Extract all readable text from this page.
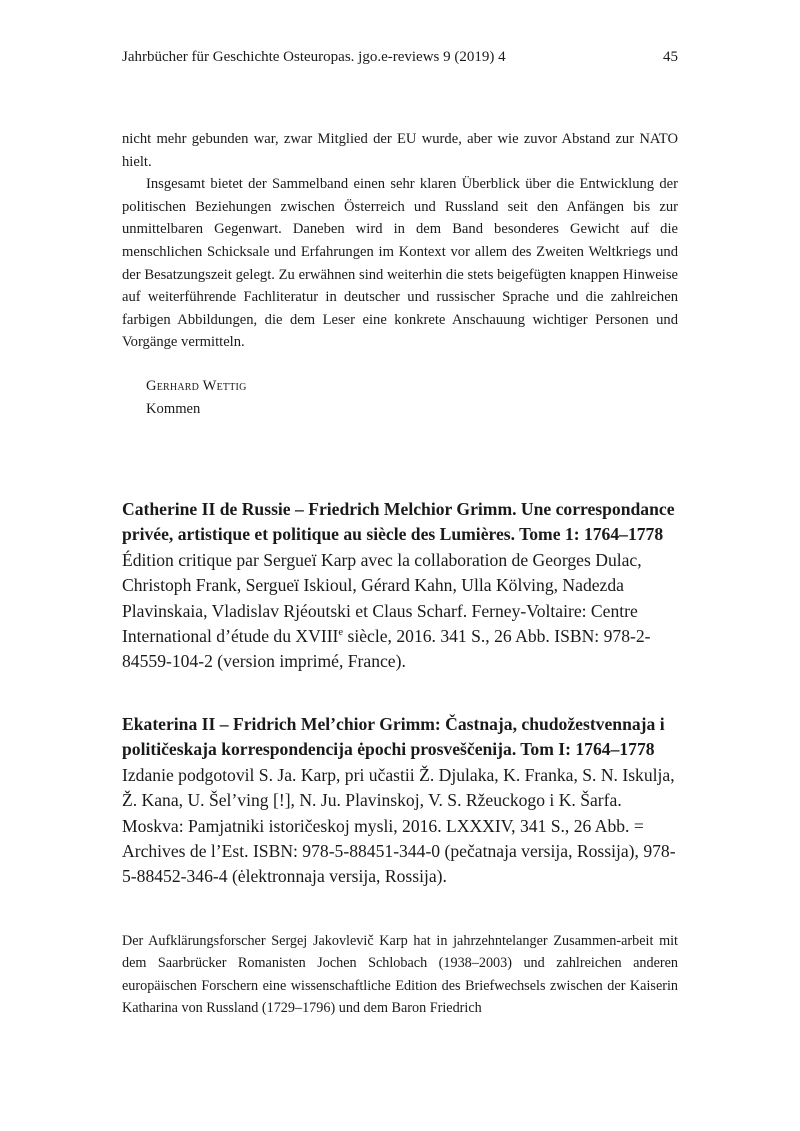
Jahrbücher für Geschichte Osteuropas. jgo.e-reviews 9 (2019) 4	45

nicht mehr gebunden war, zwar Mitglied der EU wurde, aber wie zuvor Abstand zur NATO hielt.

Insgesamt bietet der Sammelband einen sehr klaren Überblick über die Entwicklung der politischen Beziehungen zwischen Österreich und Russland seit den Anfängen bis zur unmittelbaren Gegenwart. Daneben wird in dem Band besonderes Gewicht auf die menschlichen Schicksale und Erfahrungen im Kontext vor allem des Zweiten Weltkriegs und der Besatzungszeit gelegt. Zu erwähnen sind weiterhin die stets beigefügten knappen Hinweise auf weiterführende Fachliteratur in deutscher und russischer Sprache und die zahlreichen farbigen Abbildungen, die dem Leser eine konkrete Anschauung wichtiger Personen und Vorgänge vermitteln.

Gerhard Wettig
Kommen

Catherine II de Russie – Friedrich Melchior Grimm. Une correspondance privée, artistique et politique au siècle des Lumières. Tome 1: 1764–1778

Édition critique par Sergueï Karp avec la collaboration de Georges Dulac, Christoph Frank, Sergueï Iskioul, Gérard Kahn, Ulla Kölving, Nadezda Plavinskaia, Vladislav Rjéoutski et Claus Scharf. Ferney-Voltaire: Centre International d’étude du XVIIIe siècle, 2016. 341 S., 26 Abb. ISBN: 978-2-84559-104-2 (version imprimé, France).

Ekaterina II – Fridrich Mel’chior Grimm: Častnaja, chudožestvennaja i političeskaja korrespondencija ėpochi prosveščenija. Tom I: 1764–1778

Izdanie podgotovil S. Ja. Karp, pri učastii Ž. Djulaka, K. Franka, S. N. Iskulja, Ž. Kana, U. Šel’ving [!], N. Ju. Plavinskoj, V. S. Ržeuckogo i K. Šarfa. Moskva: Pamjatniki istoričeskoj mysli, 2016. LXXXIV, 341 S., 26 Abb. = Archives de l’Est. ISBN: 978-5-88451-344-0 (pečatnaja versija, Rossija), 978-5-88452-346-4 (ėlektronnaja versija, Rossija).

Der Aufklärungsforscher Sergej Jakovlevič Karp hat in jahrzehntelanger Zusammen-arbeit mit dem Saarbrücker Romanisten Jochen Schlobach (1938–2003) und zahlreichen anderen europäischen Forschern eine wissenschaftliche Edition des Briefwechsels zwischen der Kaiserin Katharina von Russland (1729–1796) und dem Baron Friedrich
